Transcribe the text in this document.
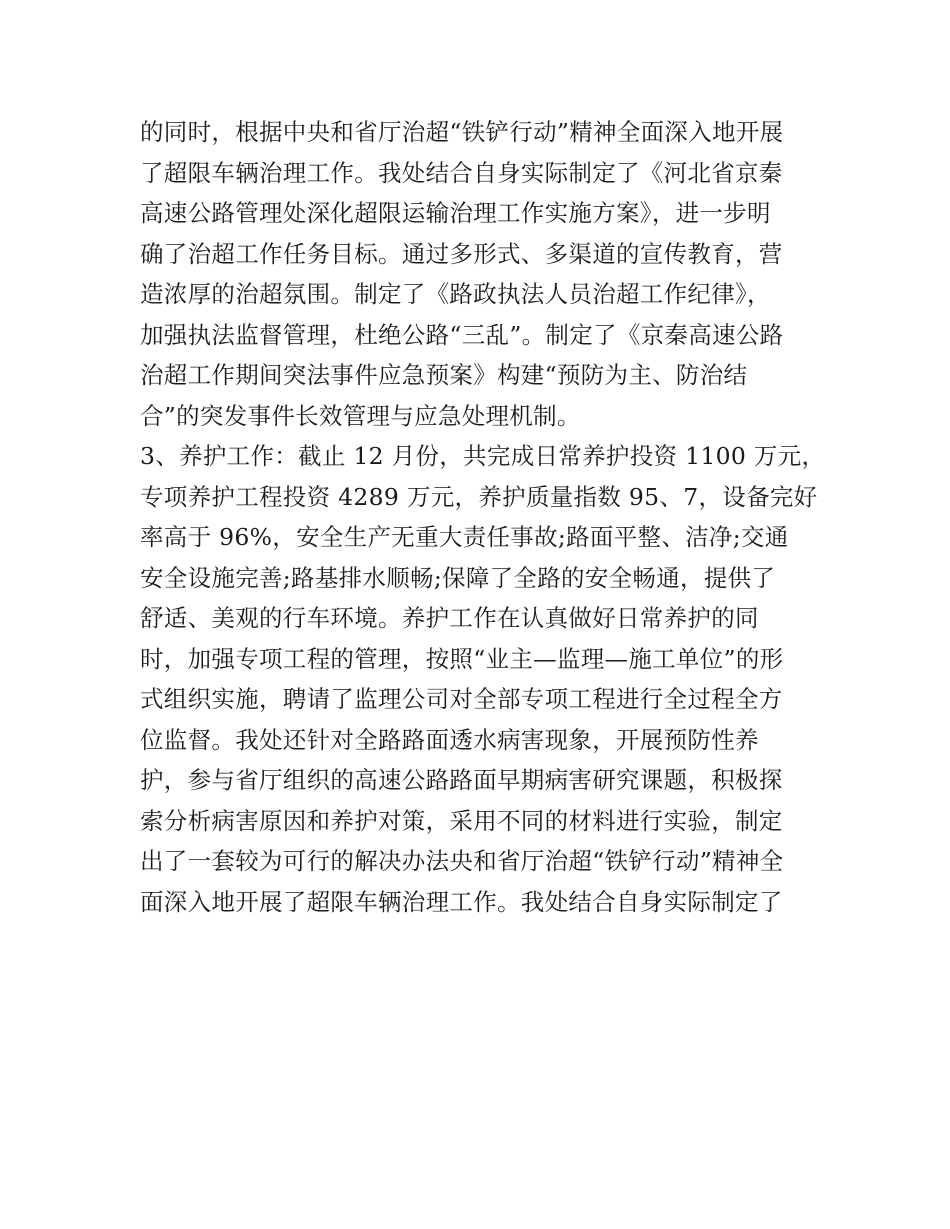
的同时，根据中央和省厅治超“铁铲行动”精神全面深入地开展

了超限车辆治理工作。我处结合自身实际制定了《河北省京秦

高速公路管理处深化超限运输治理工作实施方案》，进一步明

确了治超工作任务目标。通过多形式、多渠道的宣传教育，营

造浓厚的治超氛围。制定了《路政执法人员治超工作纪律》，

加强执法监督管理，杜绝公路“三乱”。制定了《京秦高速公路

治超工作期间突法事件应急预案》构建“预防为主、防治结

合”的突发事件长效管理与应急处理机制。

3、养护工作：截止 12 月份，共完成日常养护投资 1100 万元，

专项养护工程投资 4289 万元，养护质量指数 95、7，设备完好

率高于 96%，安全生产无重大责任事故;路面平整、洁净;交通

安全设施完善;路基排水顺畅;保障了全路的安全畅通，提供了

舒适、美观的行车环境。养护工作在认真做好日常养护的同

时，加强专项工程的管理，按照“业主—监理—施工单位”的形

式组织实施，聘请了监理公司对全部专项工程进行全过程全方

位监督。我处还针对全路路面透水病害现象，开展预防性养

护，参与省厅组织的高速公路路面早期病害研究课题，积极探

索分析病害原因和养护对策，采用不同的材料进行实验，制定

出了一套较为可行的解决办法央和省厅治超“铁铲行动”精神全

面深入地开展了超限车辆治理工作。我处结合自身实际制定了
